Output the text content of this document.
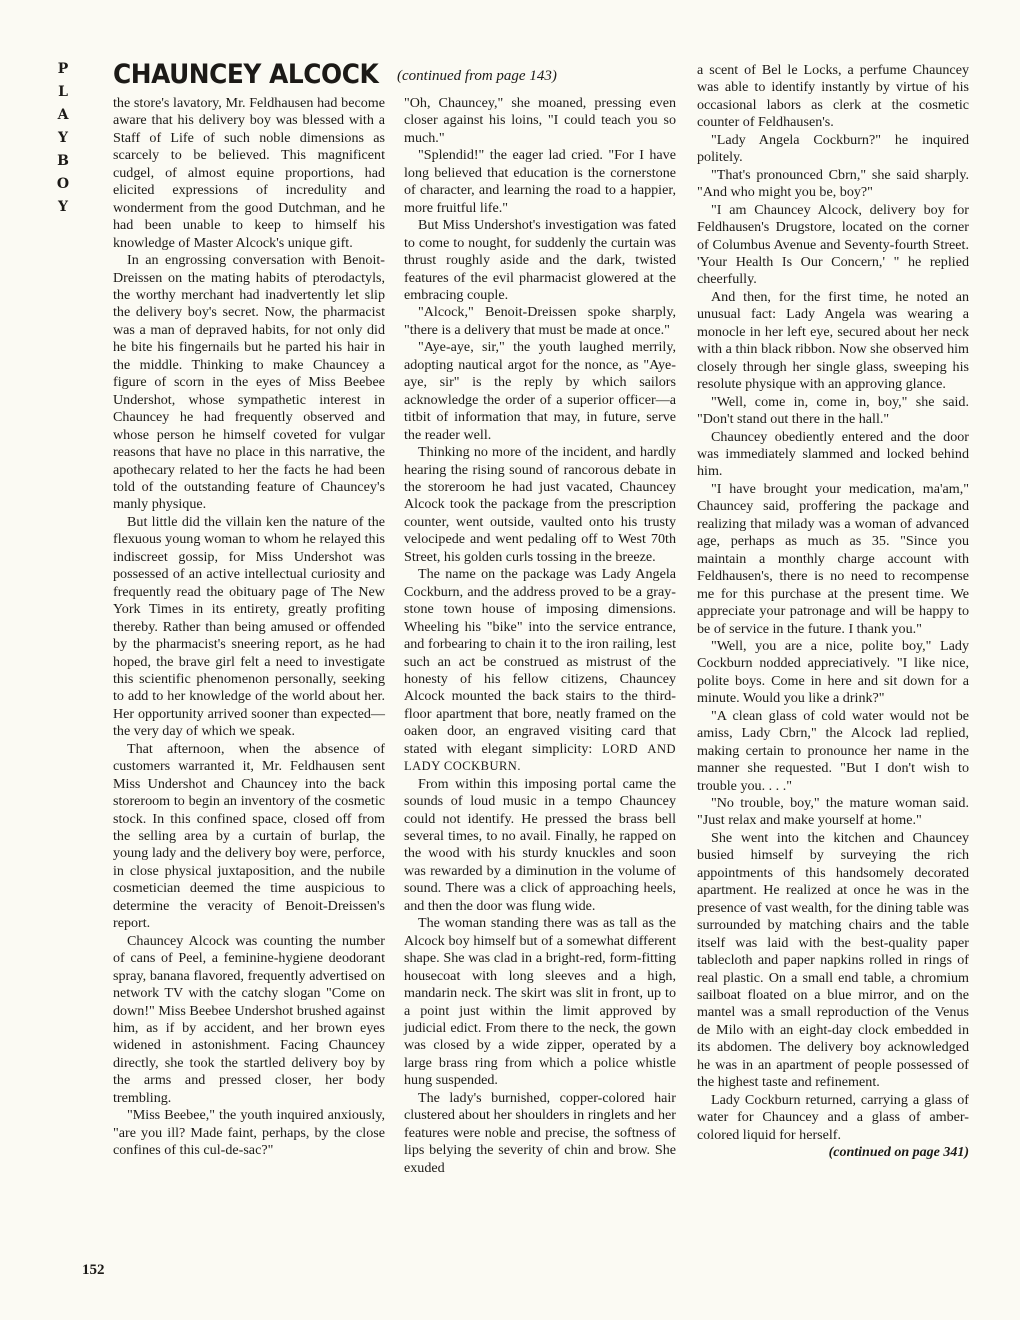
P
L
A
Y
B
O
Y
CHAUNCEY ALCOCK (continued from page 143)

the store's lavatory, Mr. Feldhausen had become aware that his delivery boy was blessed with a Staff of Life of such noble dimensions as scarcely to be believed. This magnificent cudgel, of almost equine proportions, had elicited expressions of incredulity and wonderment from the good Dutchman, and he had been unable to keep to himself his knowledge of Master Alcock's unique gift.

In an engrossing conversation with Benoit-Dreissen on the mating habits of pterodactyls, the worthy merchant had inadvertently let slip the delivery boy's secret. Now, the pharmacist was a man of depraved habits, for not only did he bite his fingernails but he parted his hair in the middle. Thinking to make Chauncey a figure of scorn in the eyes of Miss Beebee Undershot, whose sympathetic interest in Chauncey he had frequently observed and whose person he himself coveted for vulgar reasons that have no place in this narrative, the apothecary related to her the facts he had been told of the outstanding feature of Chauncey's manly physique.

But little did the villain ken the nature of the flexuous young woman to whom he relayed this indiscreet gossip, for Miss Undershot was possessed of an active intellectual curiosity and frequently read the obituary page of The New York Times in its entirety, greatly profiting thereby. Rather than being amused or offended by the pharmacist's sneering report, as he had hoped, the brave girl felt a need to investigate this scientific phenomenon personally, seeking to add to her knowledge of the world about her. Her opportunity arrived sooner than expected—the very day of which we speak.

That afternoon, when the absence of customers warranted it, Mr. Feldhausen sent Miss Undershot and Chauncey into the back storeroom to begin an inventory of the cosmetic stock. In this confined space, closed off from the selling area by a curtain of burlap, the young lady and the delivery boy were, perforce, in close physical juxtaposition, and the nubile cosmetician deemed the time auspicious to determine the veracity of Benoit-Dreissen's report.

Chauncey Alcock was counting the number of cans of Peel, a feminine-hygiene deodorant spray, banana flavored, frequently advertised on network TV with the catchy slogan "Come on down!" Miss Beebee Undershot brushed against him, as if by accident, and her brown eyes widened in astonishment. Facing Chauncey directly, she took the startled delivery boy by the arms and pressed closer, her body trembling.

"Miss Beebee," the youth inquired anxiously, "are you ill? Made faint, perhaps, by the close confines of this cul-de-sac?"

"Oh, Chauncey," she moaned, pressing even closer against his loins, "I could teach you so much."

"Splendid!" the eager lad cried. "For I have long believed that education is the cornerstone of character, and learning the road to a happier, more fruitful life."

But Miss Undershot's investigation was fated to come to nought, for suddenly the curtain was thrust roughly aside and the dark, twisted features of the evil pharmacist glowered at the embracing couple.

"Alcock," Benoit-Dreissen spoke sharply, "there is a delivery that must be made at once."

"Aye-aye, sir," the youth laughed merrily, adopting nautical argot for the nonce, as "Aye-aye, sir" is the reply by which sailors acknowledge the order of a superior officer—a titbit of information that may, in future, serve the reader well.

Thinking no more of the incident, and hardly hearing the rising sound of rancorous debate in the storeroom he had just vacated, Chauncey Alcock took the package from the prescription counter, went outside, vaulted onto his trusty velocipede and went pedaling off to West 70th Street, his golden curls tossing in the breeze.

The name on the package was Lady Angela Cockburn, and the address proved to be a gray-stone town house of imposing dimensions. Wheeling his "bike" into the service entrance, and forbearing to chain it to the iron railing, lest such an act be construed as mistrust of the honesty of his fellow citizens, Chauncey Alcock mounted the back stairs to the third-floor apartment that bore, neatly framed on the oaken door, an engraved visiting card that stated with elegant simplicity: LORD AND LADY COCKBURN.

From within this imposing portal came the sounds of loud music in a tempo Chauncey could not identify. He pressed the brass bell several times, to no avail. Finally, he rapped on the wood with his sturdy knuckles and soon was rewarded by a diminution in the volume of sound. There was a click of approaching heels, and then the door was flung wide.

The woman standing there was as tall as the Alcock boy himself but of a somewhat different shape. She was clad in a bright-red, form-fitting housecoat with long sleeves and a high, mandarin neck. The skirt was slit in front, up to a point just within the limit approved by judicial edict. From there to the neck, the gown was closed by a wide zipper, operated by a large brass ring from which a police whistle hung suspended.

The lady's burnished, copper-colored hair clustered about her shoulders in ringlets and her features were noble and precise, the softness of lips belying the severity of chin and brow. She exuded

a scent of Bel le Locks, a perfume Chauncey was able to identify instantly by virtue of his occasional labors as clerk at the cosmetic counter of Feldhausen's.

"Lady Angela Cockburn?" he inquired politely.

"That's pronounced Cbrn," she said sharply. "And who might you be, boy?"

"I am Chauncey Alcock, delivery boy for Feldhausen's Drugstore, located on the corner of Columbus Avenue and Seventy-fourth Street. 'Your Health Is Our Concern,' " he replied cheerfully.

And then, for the first time, he noted an unusual fact: Lady Angela was wearing a monocle in her left eye, secured about her neck with a thin black ribbon. Now she observed him closely through her single glass, sweeping his resolute physique with an approving glance.

"Well, come in, come in, boy," she said. "Don't stand out there in the hall."

Chauncey obediently entered and the door was immediately slammed and locked behind him.

"I have brought your medication, ma'am," Chauncey said, proffering the package and realizing that milady was a woman of advanced age, perhaps as much as 35. "Since you maintain a monthly charge account with Feldhausen's, there is no need to recompense me for this purchase at the present time. We appreciate your patronage and will be happy to be of service in the future. I thank you."

"Well, you are a nice, polite boy," Lady Cockburn nodded appreciatively. "I like nice, polite boys. Come in here and sit down for a minute. Would you like a drink?"

"A clean glass of cold water would not be amiss, Lady Cbrn," the Alcock lad replied, making certain to pronounce her name in the manner she requested. "But I don't wish to trouble you. . . ."

"No trouble, boy," the mature woman said. "Just relax and make yourself at home."

She went into the kitchen and Chauncey busied himself by surveying the rich appointments of this handsomely decorated apartment. He realized at once he was in the presence of vast wealth, for the dining table was surrounded by matching chairs and the table itself was laid with the best-quality paper tablecloth and paper napkins rolled in rings of real plastic. On a small end table, a chromium sailboat floated on a blue mirror, and on the mantel was a small reproduction of the Venus de Milo with an eight-day clock embedded in its abdomen. The delivery boy acknowledged he was in an apartment of people possessed of the highest taste and refinement.

Lady Cockburn returned, carrying a glass of water for Chauncey and a glass of amber-colored liquid for herself.

(continued on page 341)

152
